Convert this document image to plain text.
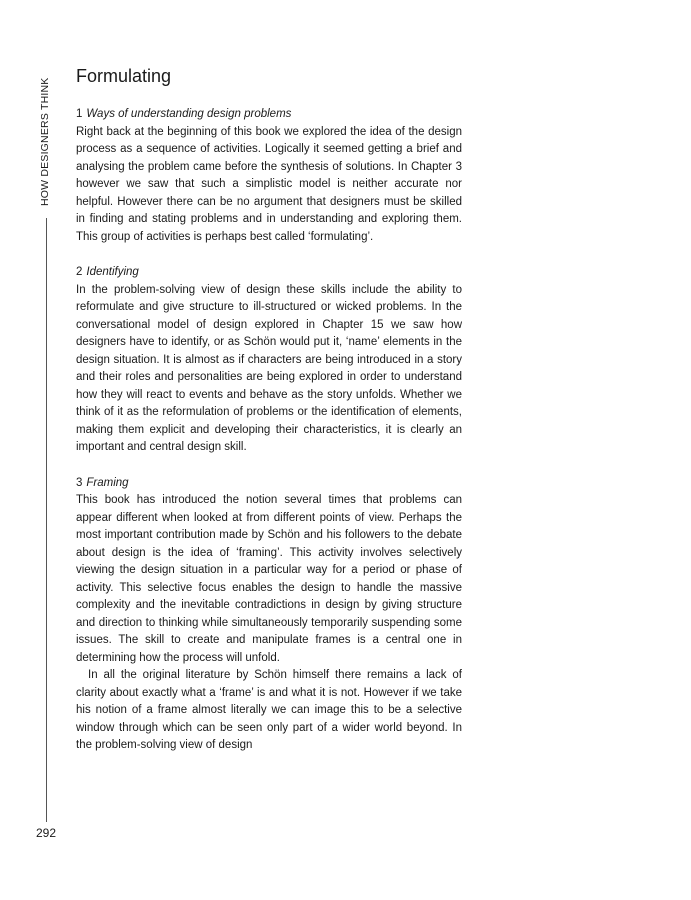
HOW DESIGNERS THINK
292
Formulating
1 Ways of understanding design problems

Right back at the beginning of this book we explored the idea of the design process as a sequence of activities. Logically it seemed getting a brief and analysing the problem came before the synthesis of solutions. In Chapter 3 however we saw that such a simplistic model is neither accurate nor helpful. However there can be no argument that designers must be skilled in finding and stating problems and in understanding and exploring them. This group of activities is perhaps best called ‘formulating’.

2 Identifying

In the problem-solving view of design these skills include the ability to reformulate and give structure to ill-structured or wicked problems. In the conversational model of design explored in Chapter 15 we saw how designers have to identify, or as Schön would put it, ‘name’ elements in the design situation. It is almost as if characters are being introduced in a story and their roles and personalities are being explored in order to understand how they will react to events and behave as the story unfolds. Whether we think of it as the reformulation of problems or the identification of elements, making them explicit and developing their characteristics, it is clearly an important and central design skill.

3 Framing

This book has introduced the notion several times that problems can appear different when looked at from different points of view. Perhaps the most important contribution made by Schön and his followers to the debate about design is the idea of ‘framing’. This activity involves selectively viewing the design situation in a particular way for a period or phase of activity. This selective focus enables the design to handle the massive complexity and the inevitable contradictions in design by giving structure and direction to thinking while simultaneously temporarily suspending some issues. The skill to create and manipulate frames is a central one in determining how the process will unfold.

In all the original literature by Schön himself there remains a lack of clarity about exactly what a ‘frame’ is and what it is not. However if we take his notion of a frame almost literally we can image this to be a selective window through which can be seen only part of a wider world beyond. In the problem-solving view of design
